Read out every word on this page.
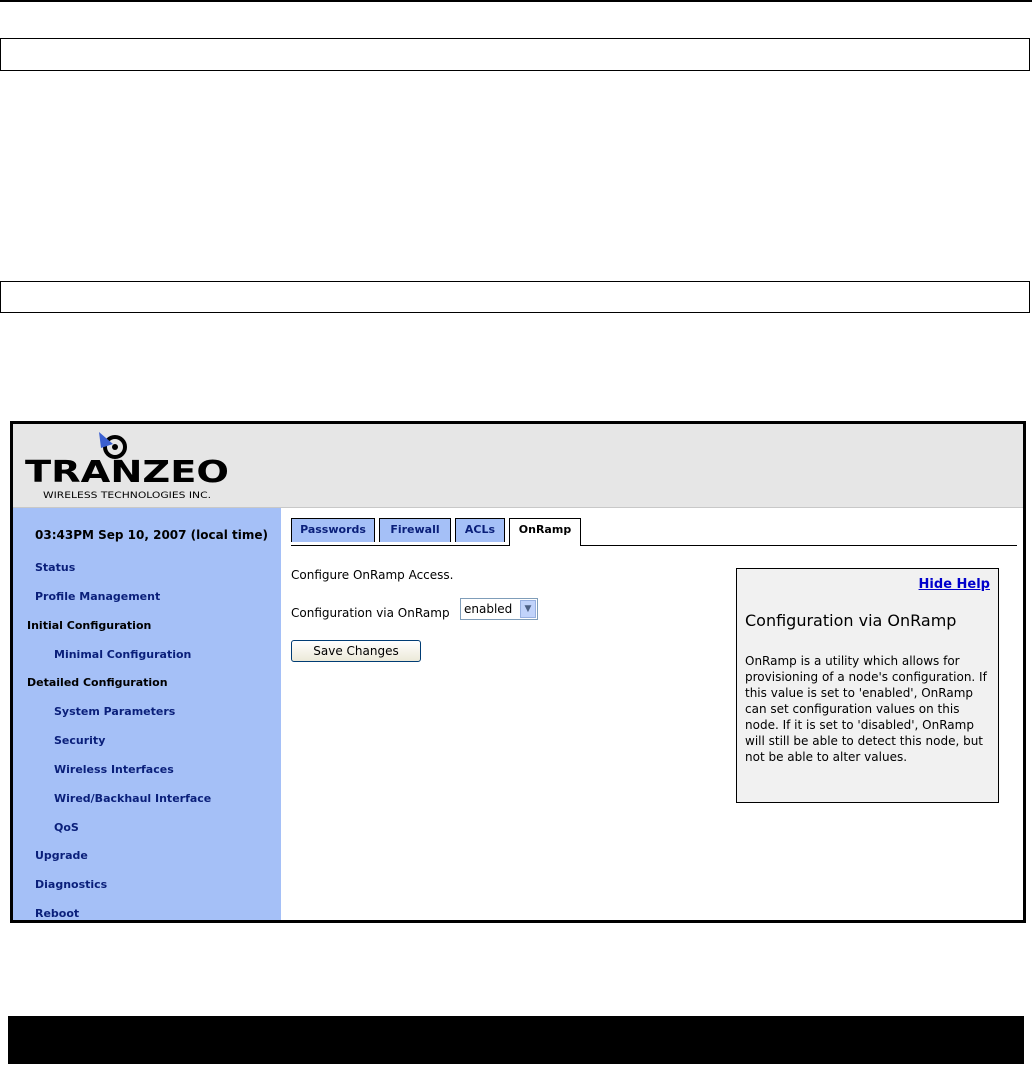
TRANZEO
WIRELESS TECHNOLOGIES INC.
03:43PM Sep 10, 2007 (local time)
Status
Profile Management
Initial Configuration
Minimal Configuration
Detailed Configuration
System Parameters
Security
Wireless Interfaces
Wired/Backhaul Interface
QoS
Upgrade
Diagnostics
Reboot
Passwords	Firewall	ACLs	OnRamp
Configure OnRamp Access.
Configuration via OnRamp	enabled	▼
Save Changes
Hide Help
Configuration via OnRamp
OnRamp is a utility which allows for provisioning of a node's configuration. If this value is set to 'enabled', OnRamp can set configuration values on this node. If it is set to 'disabled', OnRamp will still be able to detect this node, but not be able to alter values.
